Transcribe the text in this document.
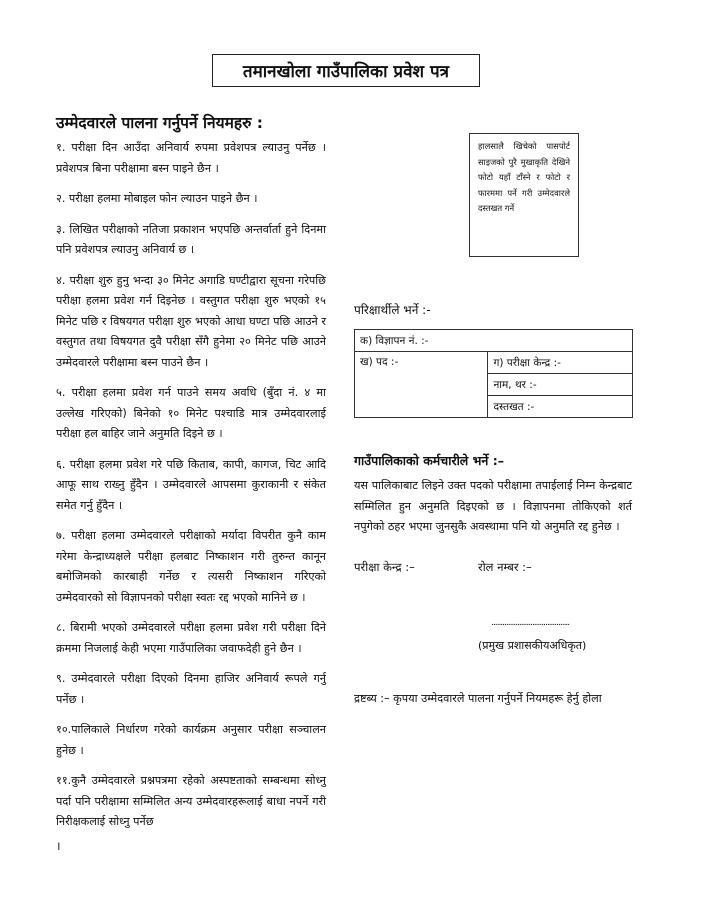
तमानखोला गाउँपालिका प्रवेश पत्र
उम्मेदवारले पालना गर्नुपर्ने नियमहरु :

१. परीक्षा दिन आउँदा अनिवार्य रुपमा प्रवेशपत्र ल्याउनु पर्नेछ । प्रवेशपत्र बिना परीक्षामा बस्न पाइने छैन ।

२. परीक्षा हलमा मोबाइल फोन ल्याउन पाइने छैन ।

३. लिखित परीक्षाको नतिजा प्रकाशन भएपछि अन्तर्वार्ता हुने दिनमा पनि प्रवेशपत्र ल्याउनु अनिवार्य छ ।

४. परीक्षा शुरु हुनु भन्दा ३० मिनेट अगाडि घण्टीद्वारा सूचना गरेपछि परीक्षा हलमा प्रवेश गर्न दिइनेछ । वस्तुगत परीक्षा शुरु भएको १५ मिनेट पछि र विषयगत परीक्षा शुरु भएको आधा घण्टा पछि आउने र वस्तुगत तथा विषयगत दुवै परीक्षा सँगै हुनेमा २० मिनेट पछि आउने उम्मेदवारले परीक्षामा बस्न पाउने छैन ।

५. परीक्षा हलमा प्रवेश गर्न पाउने समय अवधि (बुँदा नं. ४ मा उल्लेख गरिएको) बिनेको १० मिनेट पश्चाडि मात्र उम्मेदवारलाई परीक्षा हल बाहिर जाने अनुमति दिइने छ ।

६. परीक्षा हलमा प्रवेश गरे पछि किताब, कापी, कागज, चिट आदि आफू साथ राख्नु हुँदैन । उम्मेदवारले आपसमा कुराकानी र संकेत समेत गर्नु हुँदैन ।

७. परीक्षा हलमा उम्मेदवारले परीक्षाको मर्यादा विपरीत कुनै काम गरेमा केन्द्राध्यक्षले परीक्षा हलबाट निष्काशन गरी तुरुन्त कानून बमोजिमको कारबाही गर्नेछ र त्यसरी निष्काशन गरिएको उम्मेदवारको सो विज्ञापनको परीक्षा स्वतः रद्द भएको मानिने छ ।

८. बिरामी भएको उम्मेदवारले परीक्षा हलमा प्रवेश गरी परीक्षा दिने क्रममा निजलाई केही भएमा गाउँपालिका जवाफदेही हुने छैन ।

९. उम्मेदवारले परीक्षा दिएको दिनमा हाजिर अनिवार्य रूपले गर्नु पर्नेछ ।

१०.पालिकाले निर्धारण गरेको कार्यक्रम अनुसार परीक्षा सञ्चालन हुनेछ ।

११.कुनै उम्मेदवारले प्रश्नपत्रमा रहेको अस्पष्टताको सम्बन्धमा सोध्नु पर्दा पनि परीक्षामा सम्मिलित अन्य उम्मेदवारहरूलाई बाधा नपर्ने गरी निरीक्षकलाई सोध्नु पर्नेछ

।
हालसालै खिचेको पासपोर्ट साइजको पुरै मुखाकृति देखिने फोटो यहाँ टाँस्ने र फोटो र फारममा पर्ने गरी उम्मेदवारले दस्तखत गर्ने
परिक्षार्थीले भर्ने :-
क) विज्ञापन नं. :-
ख) पद :-	ग) परीक्षा केन्द्र :-
नाम, थर :-
दस्तखत :-
गाउँपालिकाको कर्मचारीले भर्ने :–
यस पालिकाबाट लिइने उक्त पदको परीक्षामा तपाईलाई निम्न केन्द्रबाट सम्मिलित हुन अनुमति दिइएको छ । विज्ञापनमा तोकिएको शर्त नपुगेको ठहर भएमा जुनसुकै अवस्थामा पनि यो अनुमति रद्द हुनेछ ।
परीक्षा केन्द्र :–	रोल नम्बर :–
..........................................
(प्रमुख प्रशासकीयअधिकृत)
द्रष्टब्य :– कृपया उम्मेदवारले पालना गर्नुपर्ने नियमहरू हेर्नु होला
